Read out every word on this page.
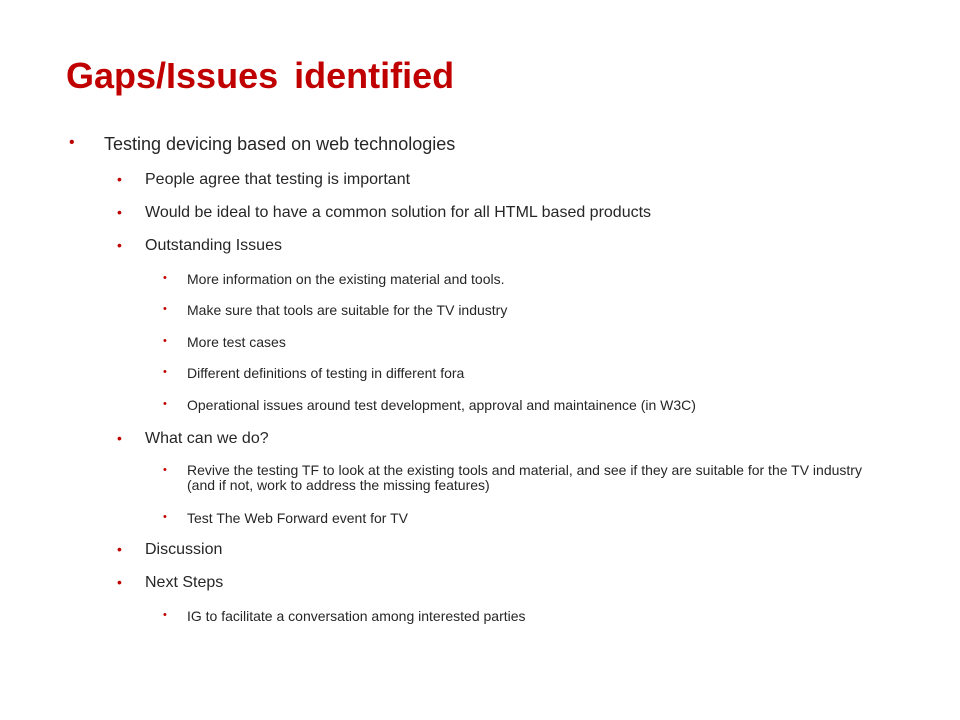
Gaps/Issues identified
• Testing devicing based on web technologies
• People agree that testing is important
• Would be ideal to have a common solution for all HTML based products
• Outstanding Issues
• More information on the existing material and tools.
• Make sure that tools are suitable for the TV industry
• More test cases
• Different definitions of testing in different fora
• Operational issues around test development, approval and maintainence (in W3C)
• What can we do?
• Revive the testing TF to look at the existing tools and material, and see if they are suitable for the TV industry (and if not, work to address the missing features)
• Test The Web Forward event for TV
• Discussion
• Next Steps
• IG to facilitate a conversation among interested parties
